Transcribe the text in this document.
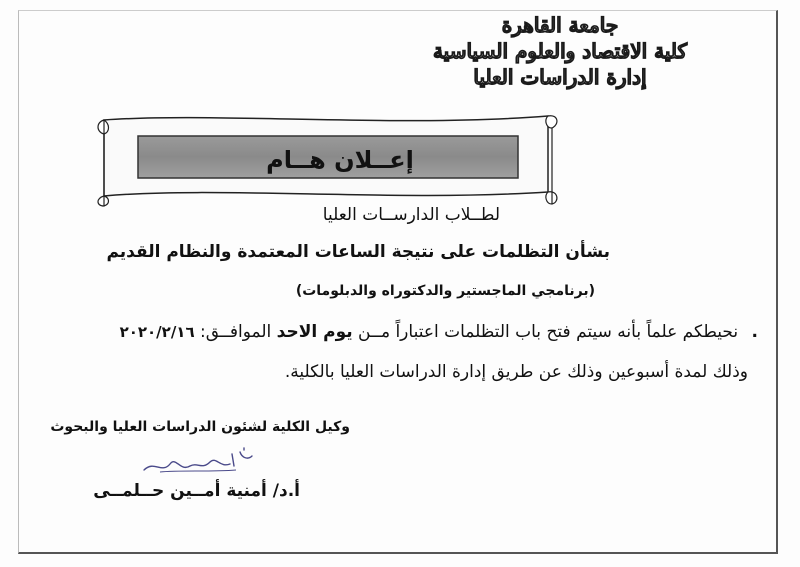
جامعة القاهرة
كلية الاقتصاد والعلوم السياسية
إدارة الدراسات العليا
إعــلان هــام
لطــلاب الدارســات العليا
بشأن التظلمات على نتيجة الساعات المعتمدة والنظام القديم
(برنامجي الماجستير والدكتوراه والدبلومات)
. نحيطكم علماً بأنه سيتم فتح باب التظلمات اعتباراً مــن يوم الاحد الموافــق: ٢٠٢٠/٢/١٦
وذلك لمدة أسبوعين وذلك عن طريق إدارة الدراسات العليا بالكلية.
وكيل الكلية لشئون الدراسات العليا والبحوث
أ.د/ أمنية أمــين حــلمــى
